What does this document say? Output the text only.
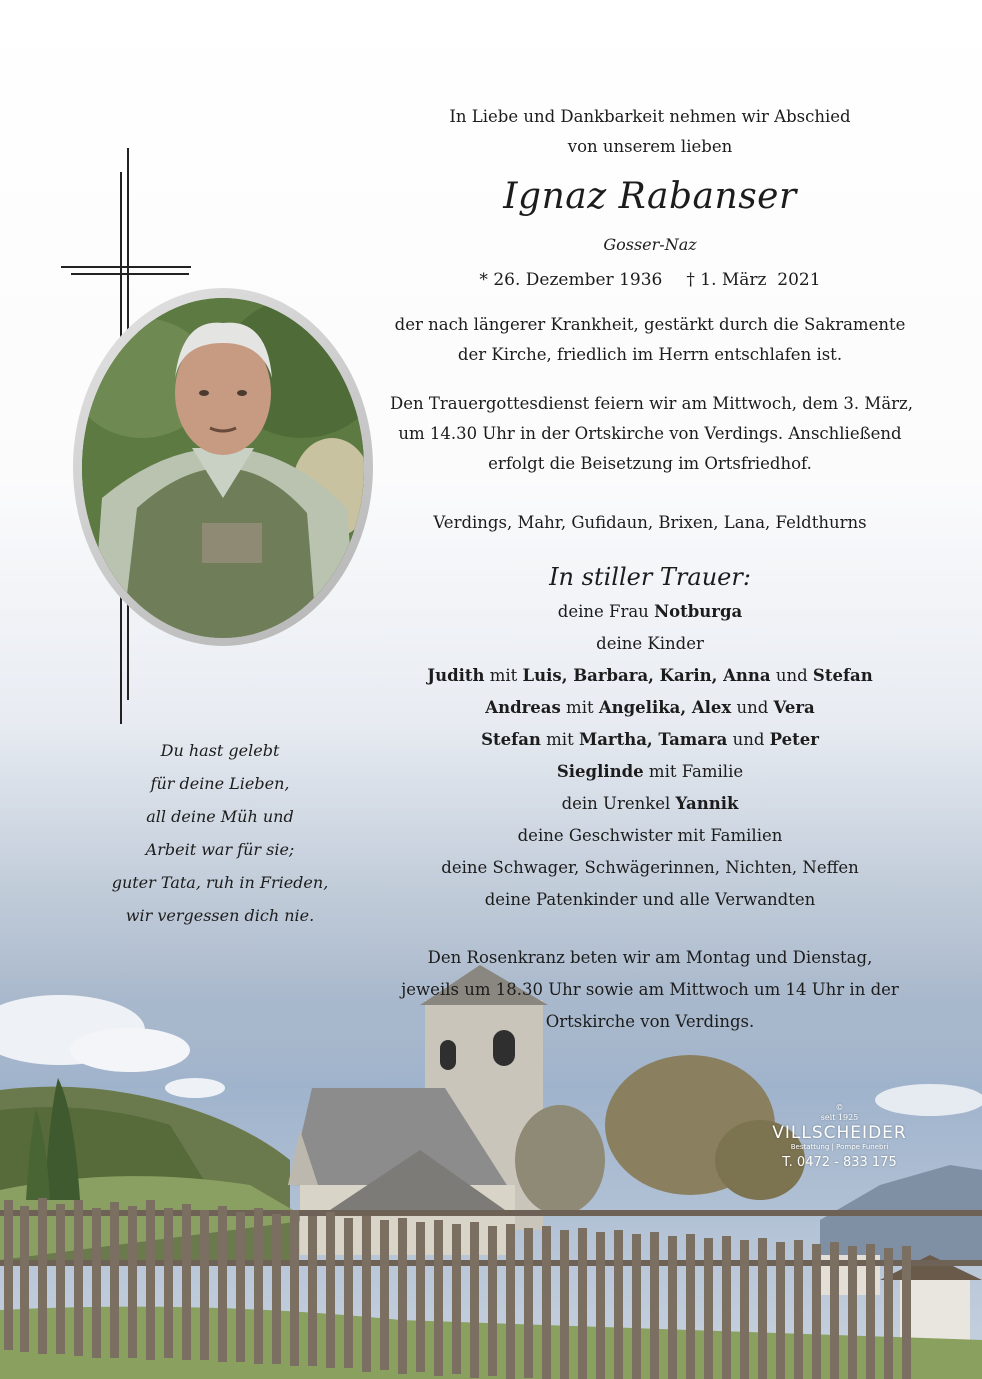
In Liebe und Dankbarkeit nehmen wir Abschied
von unserem lieben
Ignaz Rabanser
Gosser-Naz
* 26. Dezember 1936 † 1. März  2021
der nach längerer Krankheit, gestärkt durch die Sakramente
der Kirche, friedlich im Herrn entschlafen ist.
Den Trauergottesdienst feiern wir am Mittwoch, dem 3. März,
um 14.30 Uhr in der Ortskirche von Verdings. Anschließend
erfolgt die Beisetzung im Ortsfriedhof.
Verdings, Mahr, Gufidaun, Brixen, Lana, Feldthurns
In stiller Trauer:
deine Frau Notburga
deine Kinder
Judith mit Luis, Barbara, Karin, Anna und Stefan
Andreas mit Angelika, Alex und Vera
Stefan mit Martha, Tamara und Peter
Sieglinde mit Familie
dein Urenkel Yannik
deine Geschwister mit Familien
deine Schwager, Schwägerinnen, Nichten, Neffen
deine Patenkinder und alle Verwandten
Den Rosenkranz beten wir am Montag und Dienstag,
jeweils um 18.30 Uhr sowie am Mittwoch um 14 Uhr in der
Ortskirche von Verdings.
Du hast gelebt
für deine Lieben,
all deine Müh und
Arbeit war für sie;
guter Tata, ruh in Frieden,
wir vergessen dich nie.
©
seit 1925
VILLSCHEIDER
Bestattung | Pompe Funebri
T. 0472 - 833 175
